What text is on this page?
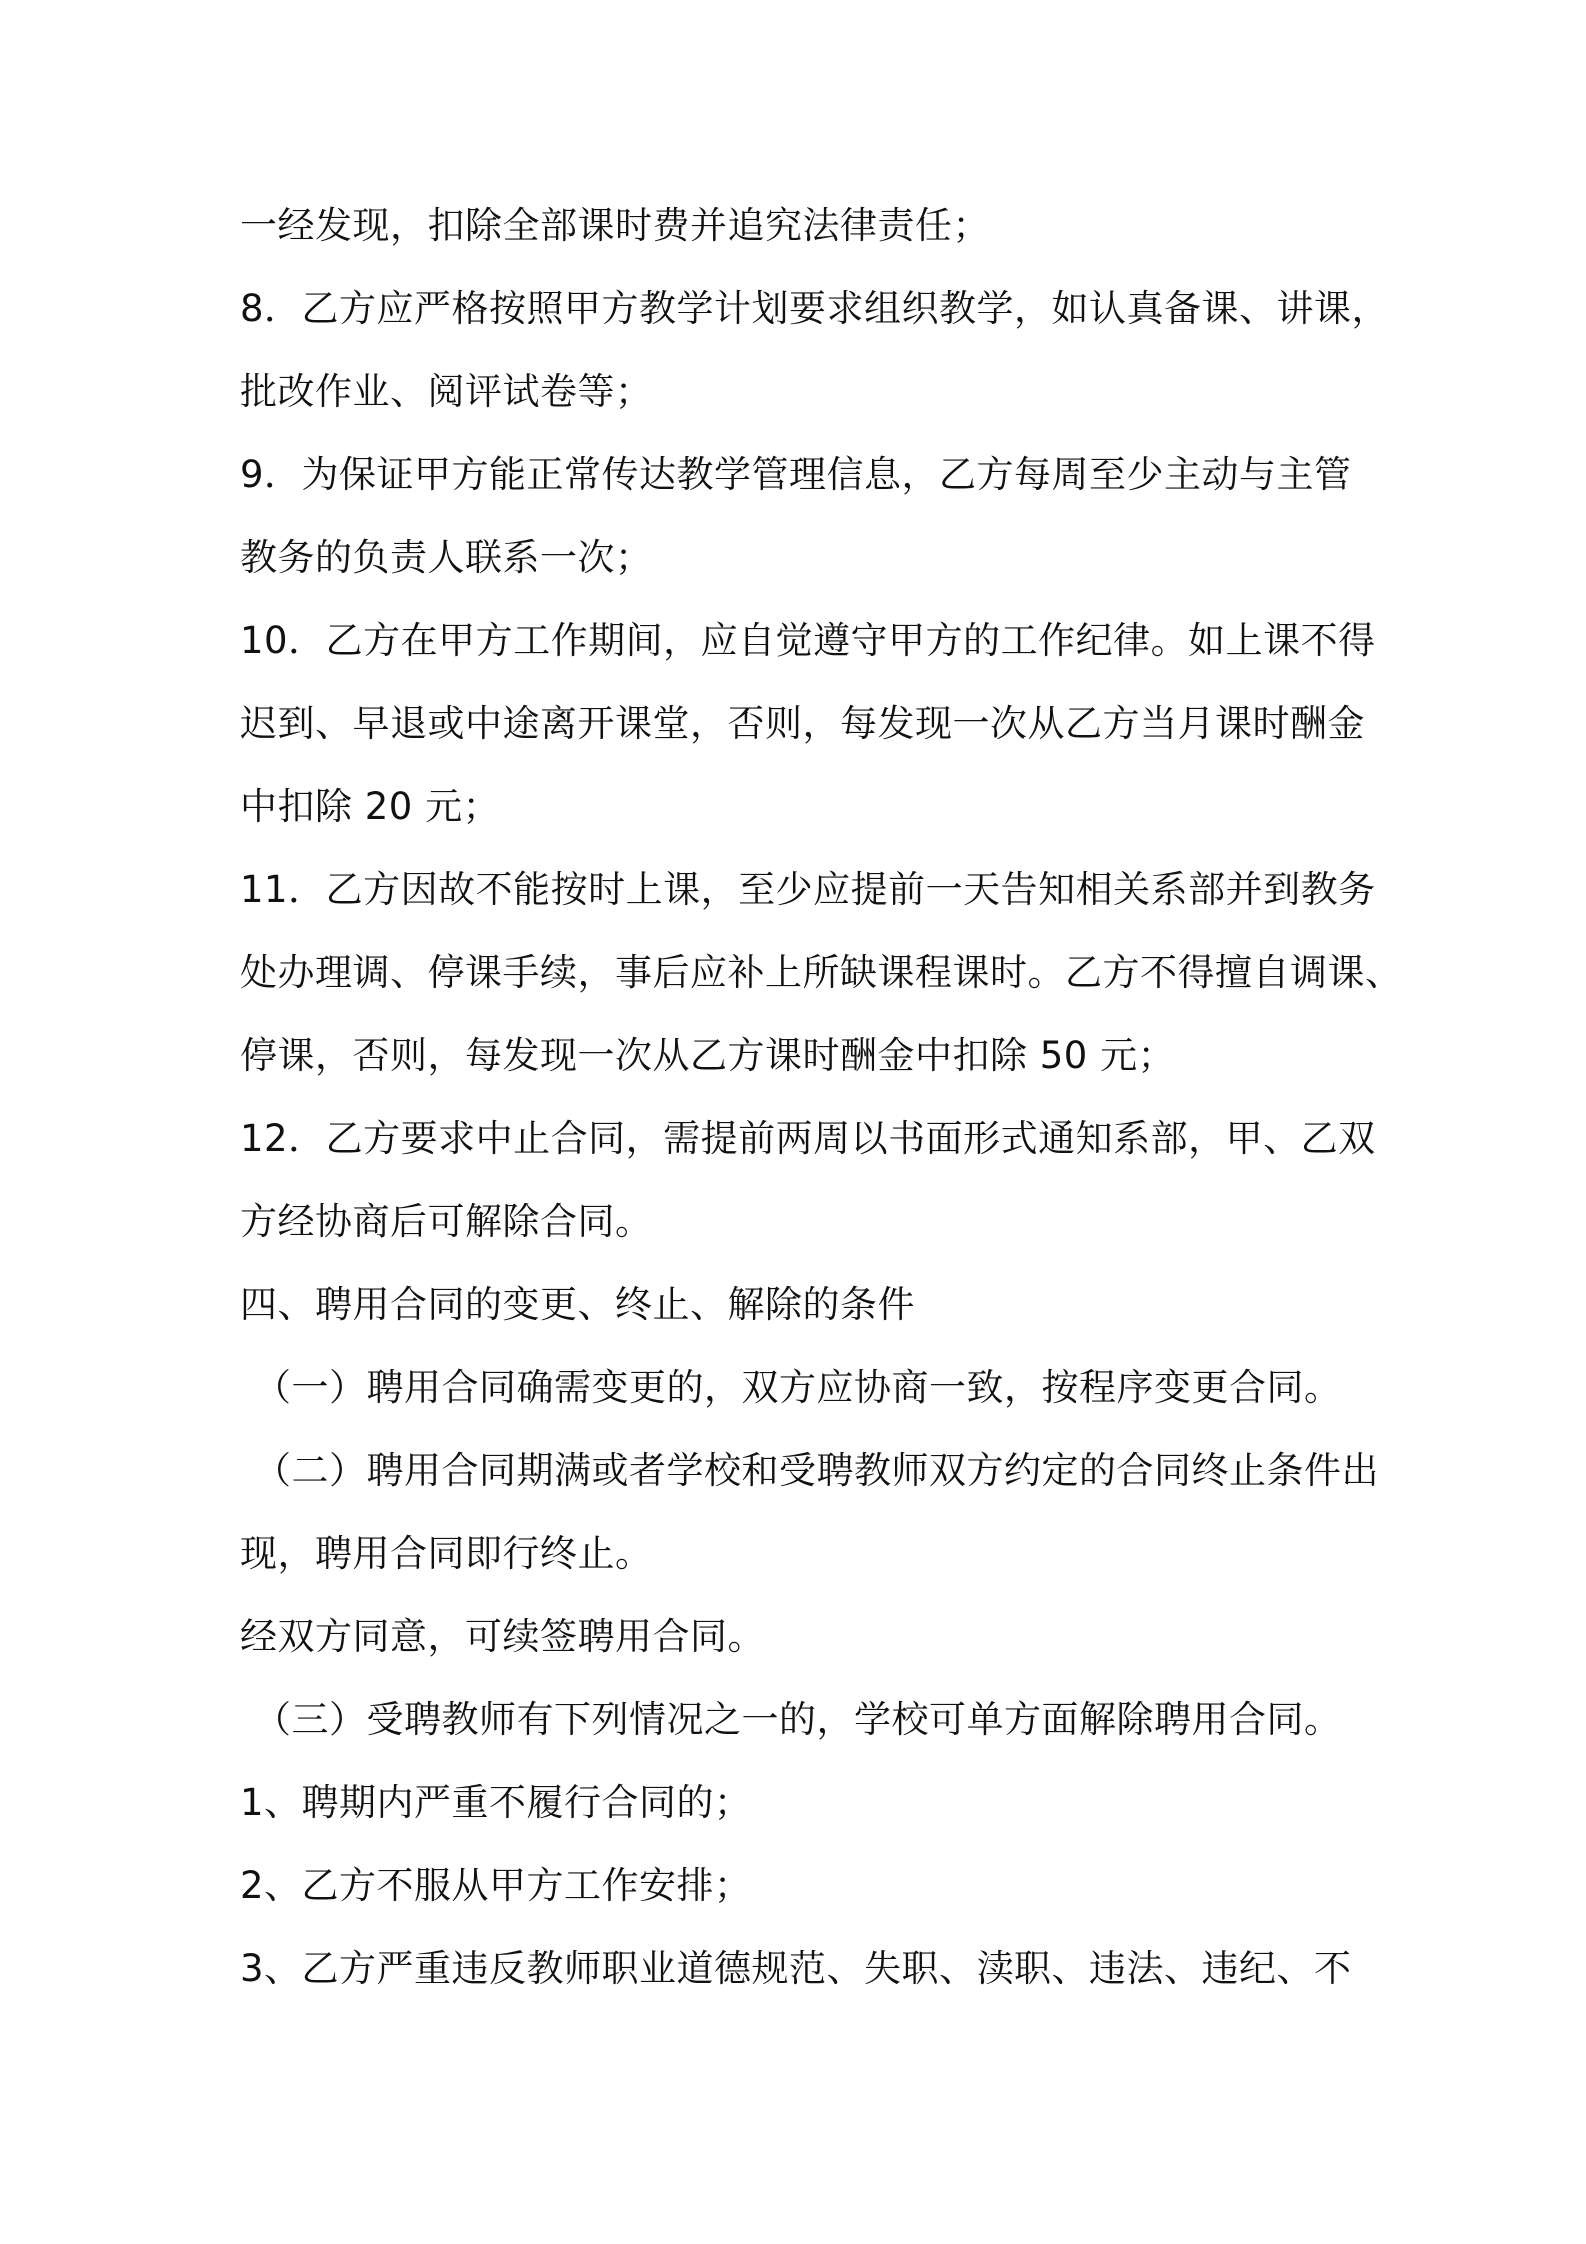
一经发现，扣除全部课时费并追究法律责任；
8．乙方应严格按照甲方教学计划要求组织教学，如认真备课、讲课，
批改作业、阅评试卷等；
9．为保证甲方能正常传达教学管理信息，乙方每周至少主动与主管
教务的负责人联系一次；
10．乙方在甲方工作期间，应自觉遵守甲方的工作纪律。如上课不得
迟到、早退或中途离开课堂，否则，每发现一次从乙方当月课时酬金
中扣除 20 元；
11．乙方因故不能按时上课，至少应提前一天告知相关系部并到教务
处办理调、停课手续，事后应补上所缺课程课时。乙方不得擅自调课、
停课，否则，每发现一次从乙方课时酬金中扣除 50 元；
12．乙方要求中止合同，需提前两周以书面形式通知系部，甲、乙双
方经协商后可解除合同。
四、聘用合同的变更、终止、解除的条件
（一）聘用合同确需变更的，双方应协商一致，按程序变更合同。
（二）聘用合同期满或者学校和受聘教师双方约定的合同终止条件出
现，聘用合同即行终止。
经双方同意，可续签聘用合同。
（三）受聘教师有下列情况之一的，学校可单方面解除聘用合同。
1、聘期内严重不履行合同的；
2、乙方不服从甲方工作安排；
3、乙方严重违反教师职业道德规范、失职、渎职、违法、违纪、不
